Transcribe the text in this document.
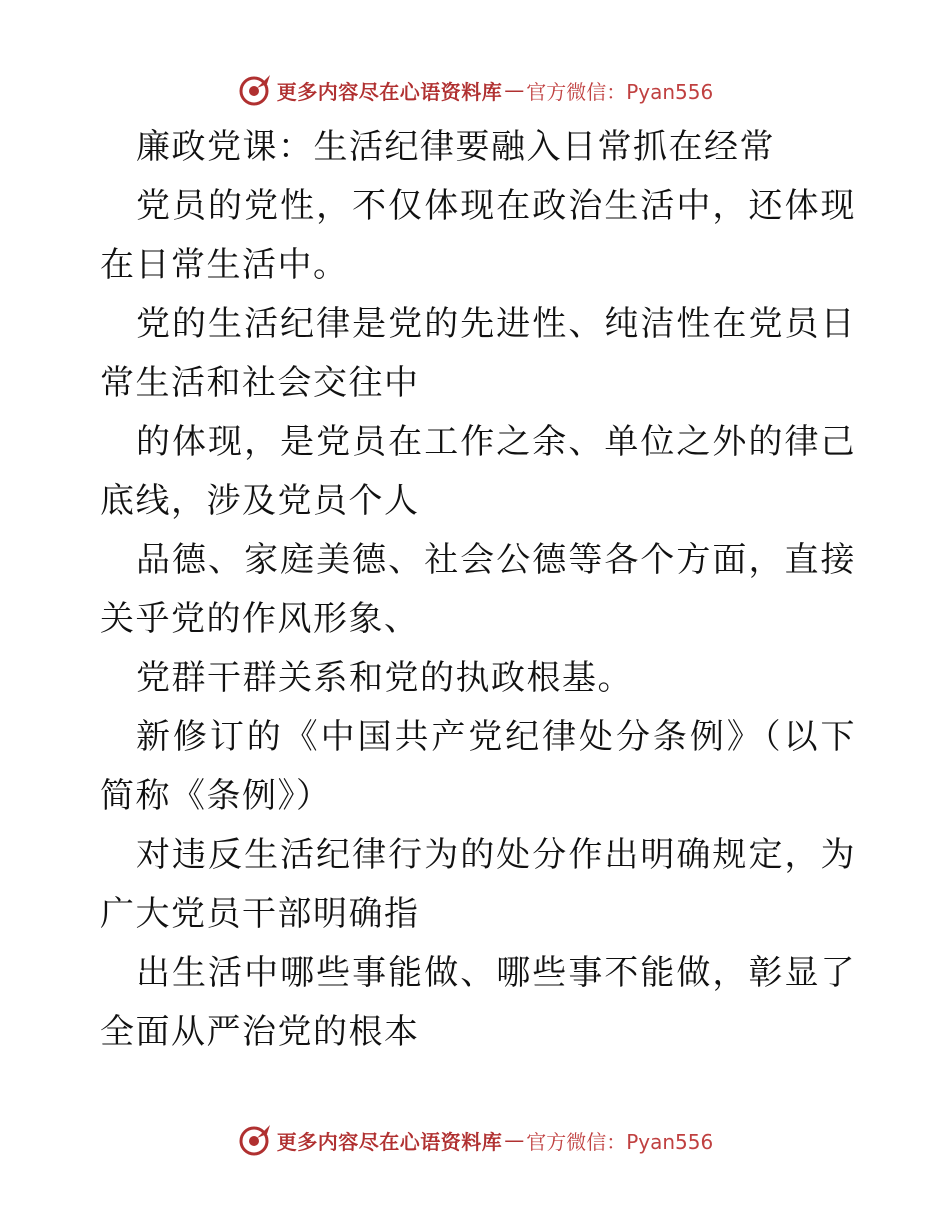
更多内容尽在心语资料库 — 官方微信：Pyan556

廉政党课：生活纪律要融入日常抓在经常

党员的党性，不仅体现在政治生活中，还体现在日常生活中。

党的生活纪律是党的先进性、纯洁性在党员日常生活和社会交往中

的体现，是党员在工作之余、单位之外的律己底线，涉及党员个人

品德、家庭美德、社会公德等各个方面，直接关乎党的作风形象、

党群干群关系和党的执政根基。

新修订的《中国共产党纪律处分条例》（以下简称《条例》）

对违反生活纪律行为的处分作出明确规定，为广大党员干部明确指

出生活中哪些事能做、哪些事不能做，彰显了全面从严治党的根本

更多内容尽在心语资料库 — 官方微信：Pyan556
